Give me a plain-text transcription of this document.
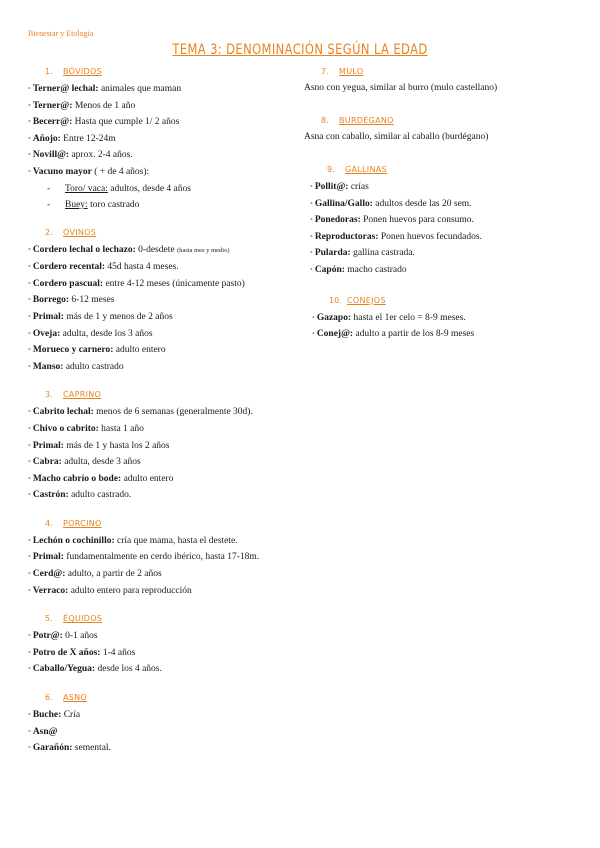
Bienestar y Etología
TEMA 3: DENOMINACIÓN SEGÚN LA EDAD
1. BÓVIDOS
• Terner@ lechal: animales que maman
• Terner@: Menos de 1 año
• Becerr@: Hasta que cumple 1/ 2 años
• Añojo: Entre 12-24m
• Novill@: aprox. 2-4 años.
• Vacuno mayor ( + de 4 años):
- Toro/ vaca: adultos, desde 4 años
- Buey: toro castrado
2. OVINOS
• Cordero lechal o lechazo: 0-desdete (hasta mes y medio)
• Cordero recental: 45d hasta 4 meses.
• Cordero pascual: entre 4-12 meses (únicamente pasto)
• Borrego: 6-12 meses
• Primal: más de 1 y menos de 2 años
• Oveja: adulta, desde los 3 años
• Morueco y carnero: adulto entero
• Manso: adulto castrado
3. CAPRINO
• Cabrito lechal: menos de 6 semanas (generalmente 30d).
• Chivo o cabrito: hasta 1 año
• Primal: más de 1 y hasta los 2 años
• Cabra: adulta, desde 3 años
• Macho cabrío o bode: adulto entero
• Castrón: adulto castrado.
4. PORCINO
• Lechón o cochinillo: cría que mama, hasta el destete.
• Primal: fundamentalmente en cerdo ibérico, hasta 17-18m.
• Cerd@: adulto, a partir de 2 años
• Verraco: adulto entero para reproducción
5. ÉQUIDOS
• Potr@: 0-1 años
• Potro de X años: 1-4 años
• Caballo/Yegua: desde los 4 años.
6. ASNO
• Buche: Cría
• Asn@
• Garañón: semental.
7. MULO
Asno con yegua, similar al burro (mulo castellano)
8. BURDÉGANO
Asna con caballo, similar al caballo (burdégano)
9. GALLINAS
• Pollit@: crías
• Gallina/Gallo: adultos desde las 20 sem.
• Ponedoras: Ponen huevos para consumo.
• Reproductoras: Ponen huevos fecundados.
• Pularda: gallina castrada.
• Capón: macho castrado
10. CONEJOS
• Gazapo: hasta el 1er celo = 8-9 meses.
• Conej@: adulto a partir de los 8-9 meses
